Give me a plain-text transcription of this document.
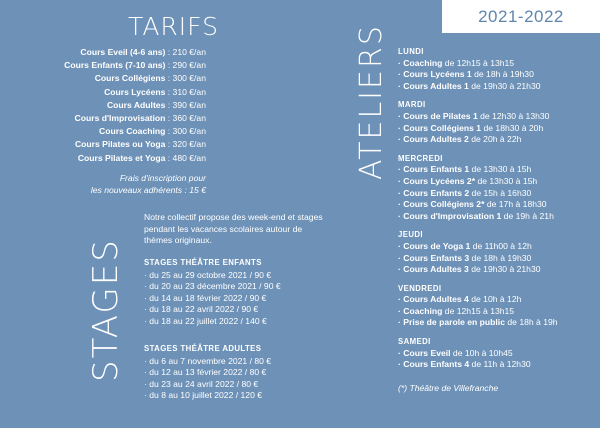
2021-2022
TARIFS
Cours Eveil (4-6 ans) : 210 €/an
Cours Enfants (7-10 ans) : 290 €/an
Cours Collégiens : 300 €/an
Cours Lycéens : 310 €/an
Cours Adultes : 390 €/an
Cours d'Improvisation : 360 €/an
Cours Coaching : 300 €/an
Cours Pilates ou Yoga : 320 €/an
Cours Pilates et Yoga : 480 €/an
Frais d'inscription pour
les nouveaux adhérents : 15 €
STAGES
ATELIERS
Notre collectif propose des week-end et stages pendant les vacances scolaires autour de thèmes originaux.
STAGES THÉÂTRE ENFANTS
· du 25 au 29 octobre 2021 / 90 €
· du 20 au 23 décembre 2021 / 90 €
· du 14 au 18 février 2022 / 90 €
· du 18 au 22 avril 2022 / 90 €
· du 18 au 22 juillet 2022 / 140 €
STAGES THÉÂTRE ADULTES
· du 6 au 7 novembre 2021 / 80 €
· du 12 au 13 février 2022 / 80 €
· du 23 au 24 avril 2022 / 80 €
· du 8 au 10 juillet 2022 / 120 €
LUNDI
· Coaching de 12h15 à 13h15
· Cours Lycéens 1 de 18h à 19h30
· Cours Adultes 1 de 19h30 à 21h30
MARDI
· Cours de Pilates 1 de 12h30 à 13h30
· Cours Collégiens 1 de 18h30 à 20h
· Cours Adultes 2 de 20h à 22h
MERCREDI
· Cours Enfants 1 de 13h30 à 15h
· Cours Lycéens 2* de 13h30 à 15h
· Cours Enfants 2 de 15h à 16h30
· Cours Collégiens 2* de 17h à 18h30
· Cours d'Improvisation 1 de 19h à 21h
JEUDI
· Cours de Yoga 1 de 11h00 à 12h
· Cours Enfants 3 de 18h à 19h30
· Cours Adultes 3 de 19h30 à 21h30
VENDREDI
· Cours Adultes 4 de 10h à 12h
· Coaching de 12h15 à 13h15
· Prise de parole en public de 18h à 19h
SAMEDI
· Cours Eveil de 10h à 10h45
· Cours Enfants 4 de 11h à 12h30
(*) Théâtre de Villefranche
